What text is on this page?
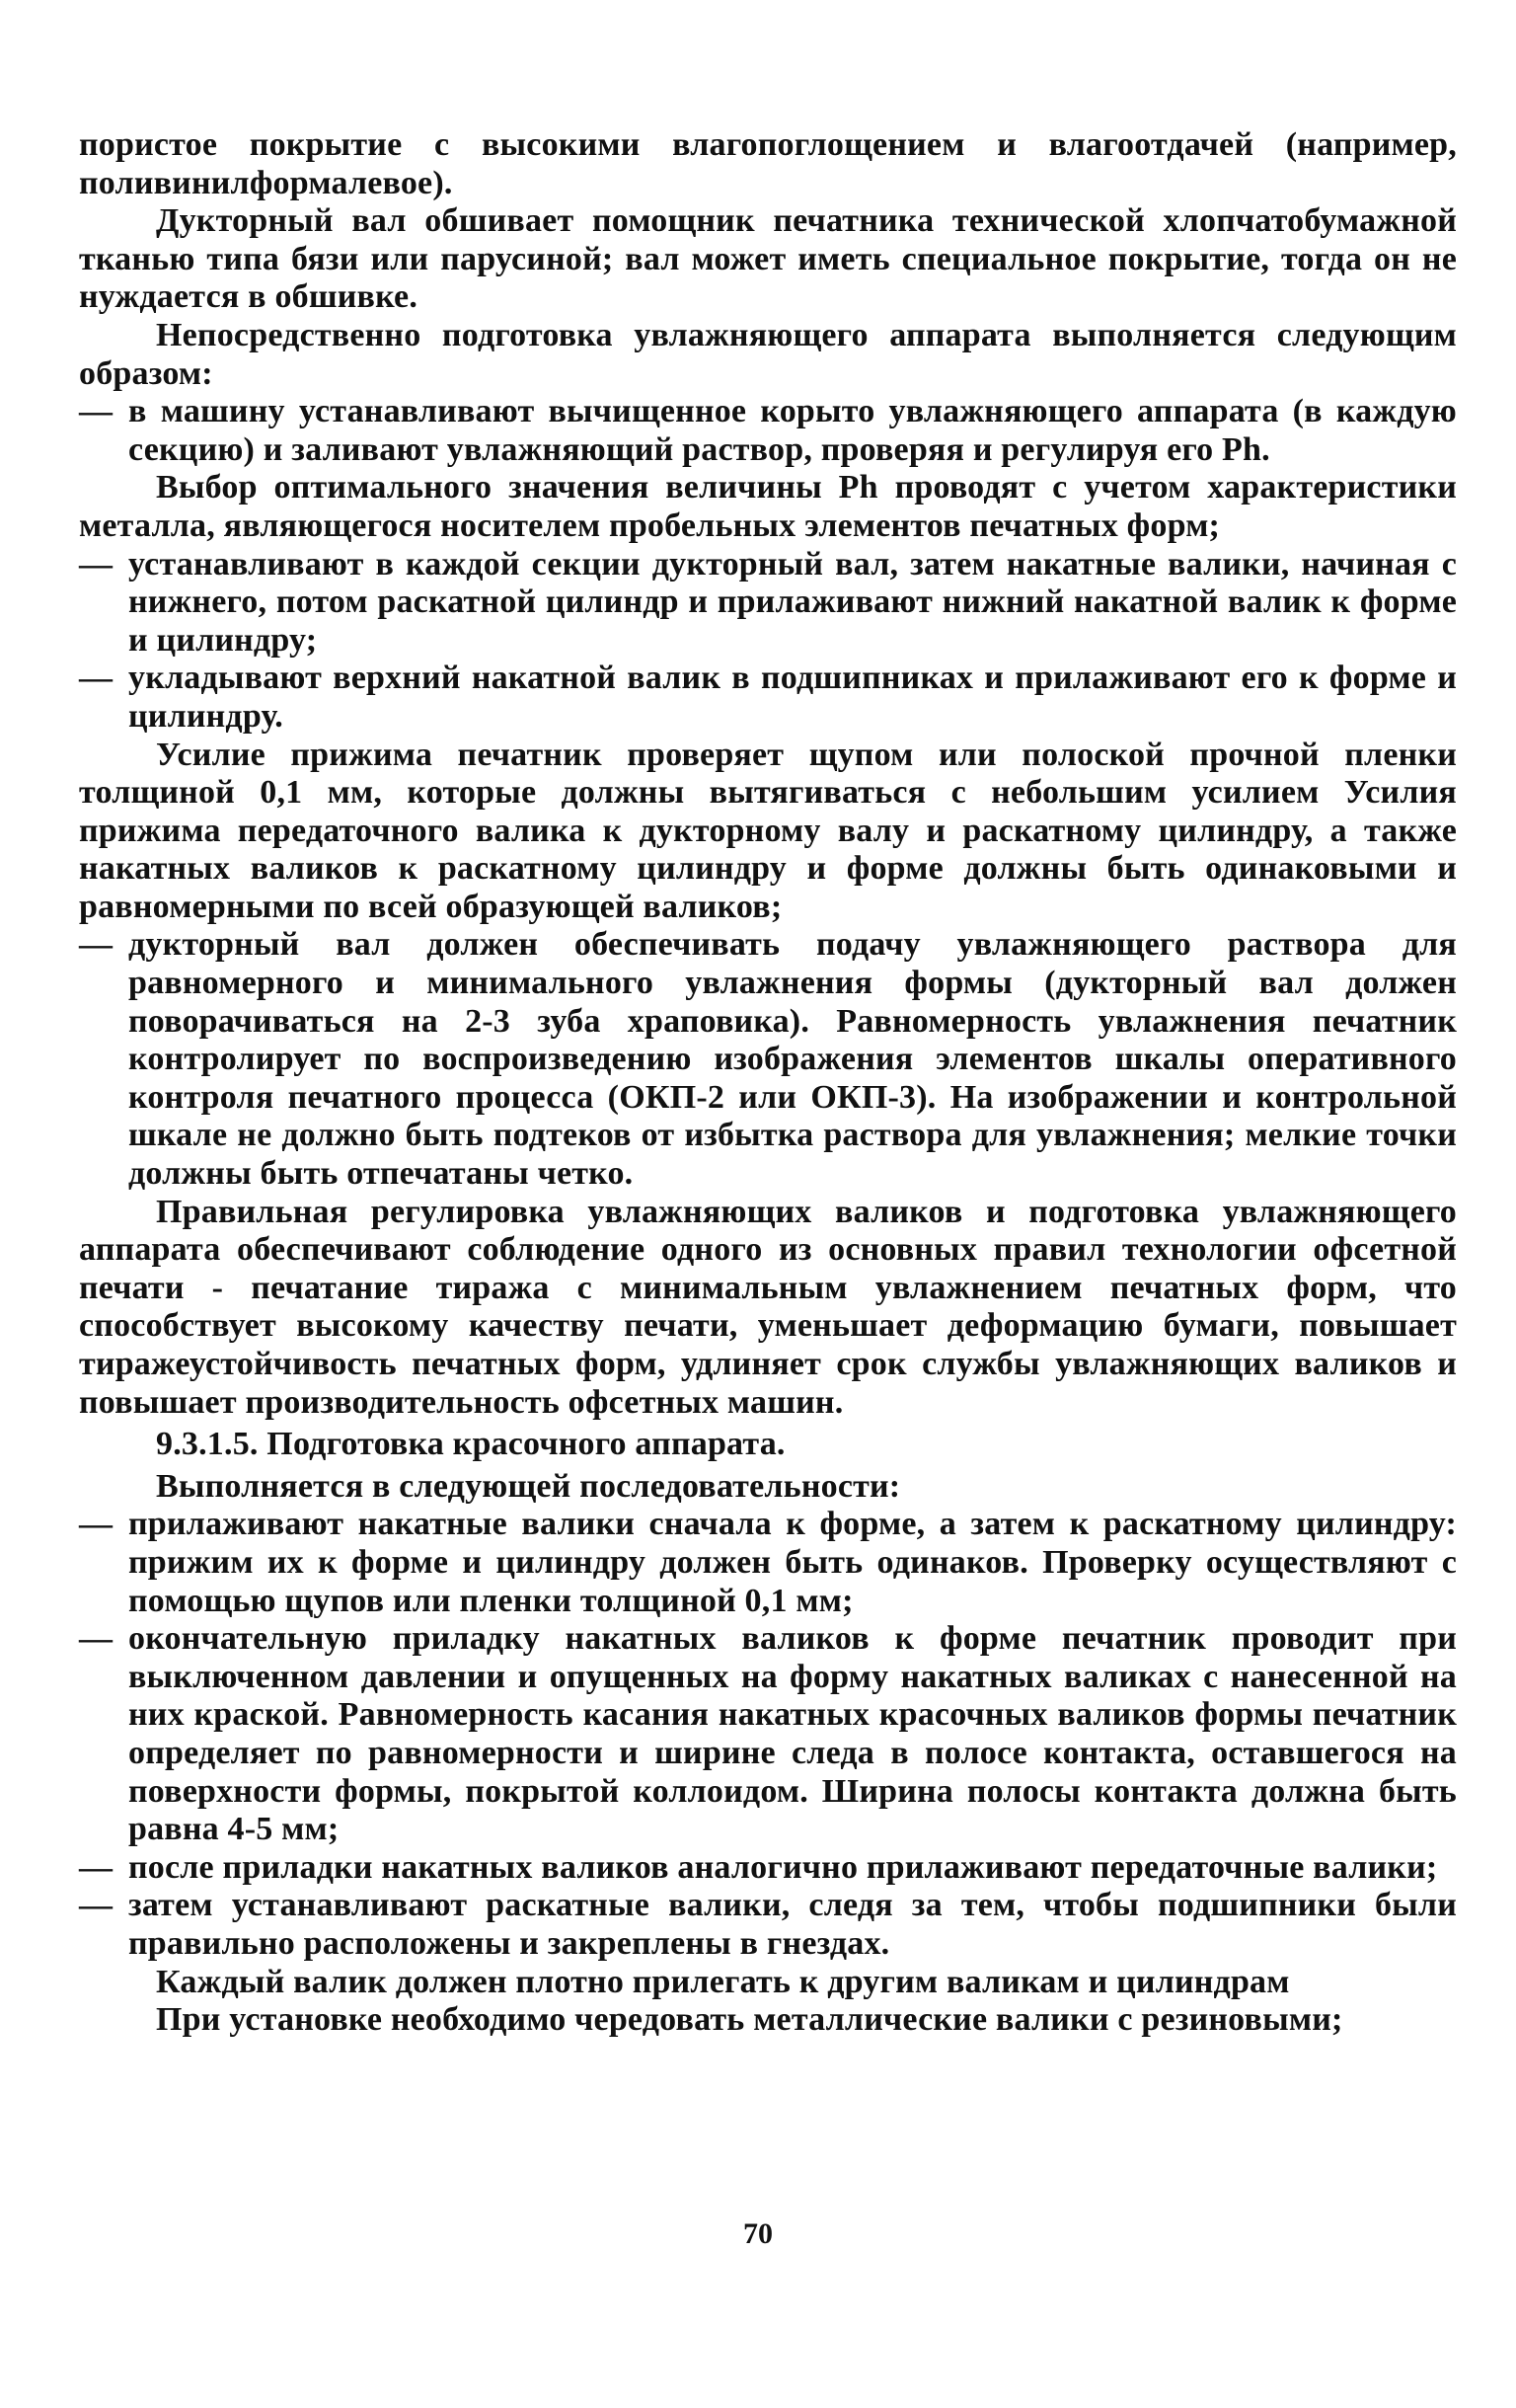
пористое покрытие с высокими влагопоглощением и влагоотдачей (например, поливинилформалевое).

Дукторный вал обшивает помощник печатника технической хлопчатобумажной тканью типа бязи или парусиной; вал может иметь специальное покрытие, тогда он не нуждается в обшивке.

Непосредственно подготовка увлажняющего аппарата выполняется следующим образом:

— в машину устанавливают вычищенное корыто увлажняющего аппарата (в каждую секцию) и заливают увлажняющий раствор, проверяя и регулируя его Ph.

Выбор оптимального значения величины Ph проводят с учетом характеристики металла, являющегося носителем пробельных элементов печатных форм;

— устанавливают в каждой секции дукторный вал, затем накатные валики, начиная с нижнего, потом раскатной цилиндр и прилаживают нижний накатной валик к форме и цилиндру;
— укладывают верхний накатной валик в подшипниках и прилаживают его к форме и цилиндру.

Усилие прижима печатник проверяет щупом или полоской прочной пленки толщиной 0,1 мм, которые должны вытягиваться с небольшим усилием Усилия прижима передаточного валика к дукторному валу и раскатному цилиндру, а также накатных валиков к раскатному цилиндру и форме должны быть одинаковыми и равномерными по всей образующей валиков;

— дукторный вал должен обеспечивать подачу увлажняющего раствора для равномерного и минимального увлажнения формы (дукторный вал должен поворачиваться на 2-3 зуба храповика). Равномерность увлажнения печатник контролирует по воспроизведению изображения элементов шкалы оперативного контроля печатного процесса (ОКП-2 или ОКП-3). На изображении и контрольной шкале не должно быть подтеков от избытка раствора для увлажнения; мелкие точки должны быть отпечатаны четко.

Правильная регулировка увлажняющих валиков и подготовка увлажняющего аппарата обеспечивают соблюдение одного из основных правил технологии офсетной печати - печатание тиража с минимальным увлажнением печатных форм, что способствует высокому качеству печати, уменьшает деформацию бумаги, повышает тиражеустойчивость печатных форм, удлиняет срок службы увлажняющих валиков и повышает производительность офсетных машин.

9.3.1.5. Подготовка красочного аппарата.

Выполняется в следующей последовательности:

— прилаживают накатные валики сначала к форме, а затем к раскатному цилиндру: прижим их к форме и цилиндру должен быть одинаков. Проверку осуществляют с помощью щупов или пленки толщиной 0,1 мм;
— окончательную приладку накатных валиков к форме печатник проводит при выключенном давлении и опущенных на форму накатных валиках с нанесенной на них краской. Равномерность касания накатных красочных валиков формы печатник определяет по равномерности и ширине следа в полосе контакта, оставшегося на поверхности формы, покрытой коллоидом. Ширина полосы контакта должна быть равна 4-5 мм;
— после приладки накатных валиков аналогично прилаживают передаточные валики;
— затем устанавливают раскатные валики, следя за тем, чтобы подшипники были правильно расположены и закреплены в гнездах.

Каждый валик должен плотно прилегать к другим валикам и цилиндрам

При установке необходимо чередовать металлические валики с резиновыми;

70
